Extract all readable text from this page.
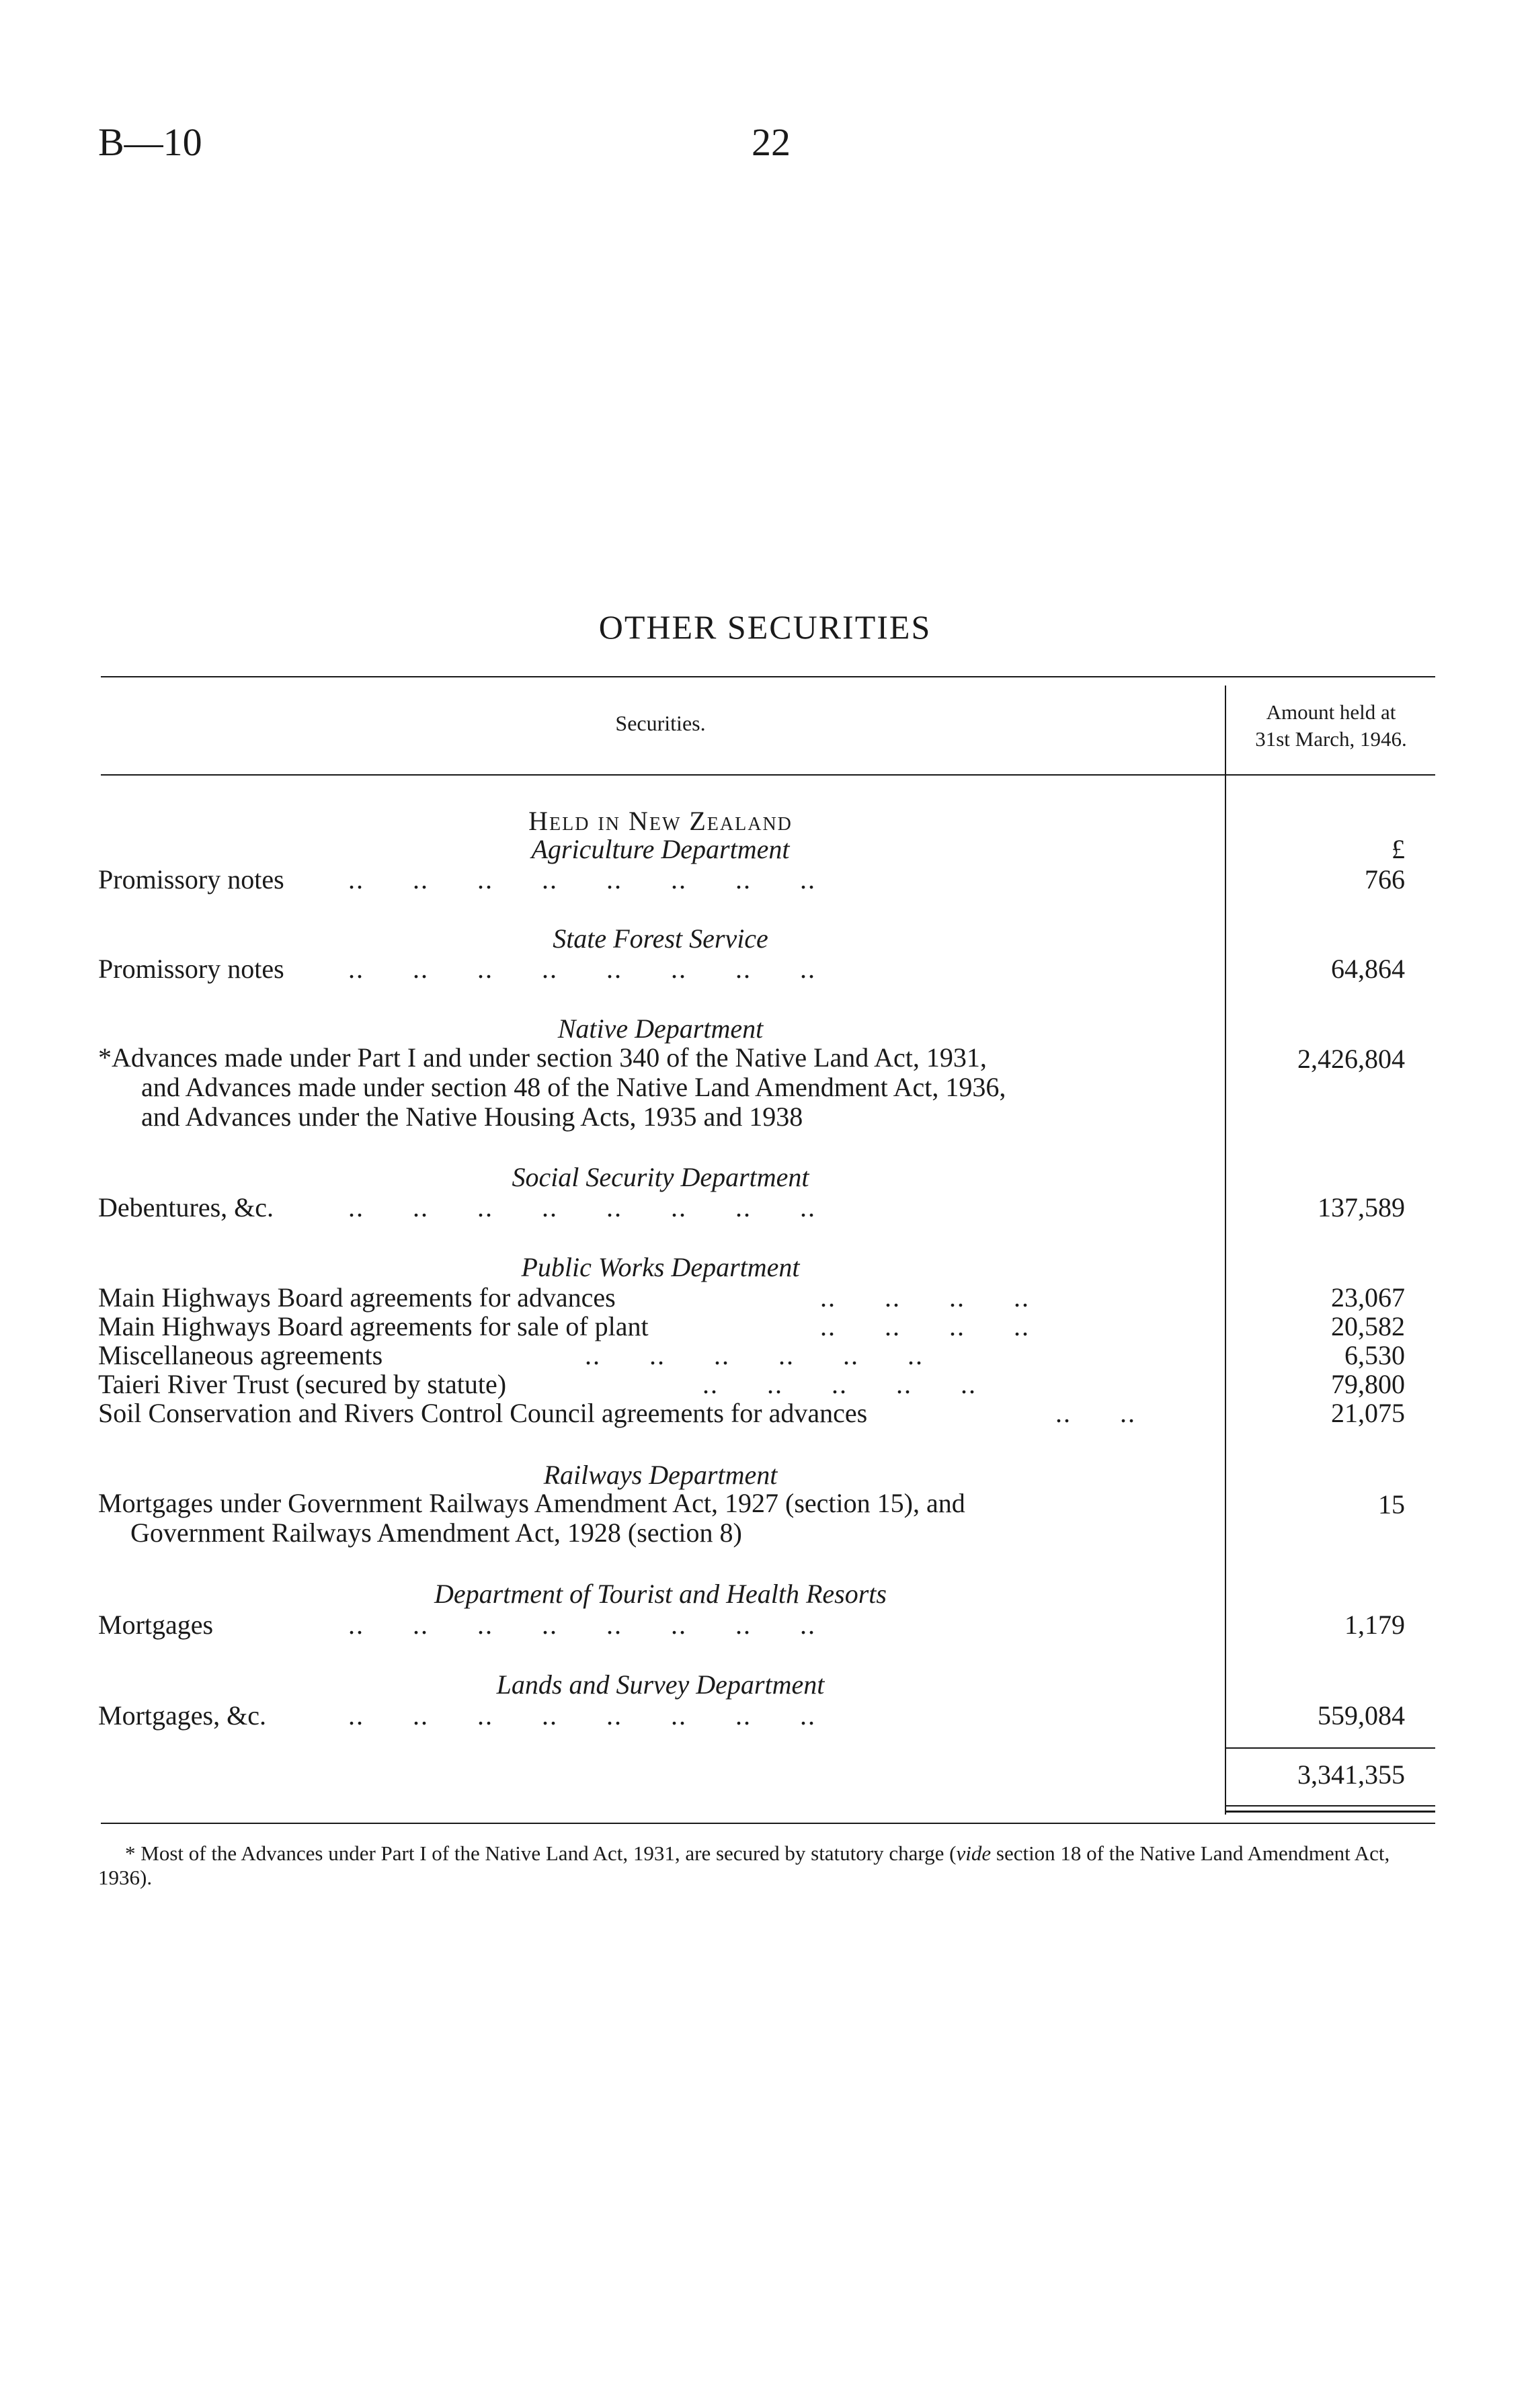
B—10	22
OTHER SECURITIES
Securities.	Amount held at
31st March, 1946.
Held in New Zealand
Agriculture Department	£
Promissory notes	..      ..      ..      ..      ..      ..      ..      ..	766
State Forest Service
Promissory notes	..      ..      ..      ..      ..      ..      ..      ..	64,864
Native Department
*Advances made under Part I and under section 340 of the Native Land Act, 1931,
and Advances made under section 48 of the Native Land Amendment Act, 1936,
and Advances under the Native Housing Acts, 1935 and 1938
2,426,804
Social Security Department
Debentures, &c.	..      ..      ..      ..      ..      ..      ..      ..	137,589
Public Works Department
Main Highways Board agreements for advances	..      ..      ..      ..	23,067
Main Highways Board agreements for sale of plant	..      ..      ..      ..	20,582
Miscellaneous agreements	..      ..      ..      ..      ..      ..	6,530
Taieri River Trust (secured by statute)	..      ..      ..      ..      ..	79,800
Soil Conservation and Rivers Control Council agreements for advances	..      ..	21,075
Railways Department
Mortgages under Government Railways Amendment Act, 1927 (section 15), and
Government Railways Amendment Act, 1928 (section 8)
15
Department of Tourist and Health Resorts
Mortgages	..      ..      ..      ..      ..      ..      ..      ..	1,179
Lands and Survey Department
Mortgages, &c.	..      ..      ..      ..      ..      ..      ..      ..	559,084
3,341,355
* Most of the Advances under Part I of the Native Land Act, 1931, are secured by statutory charge (vide section 18 of the Native Land Amendment Act, 1936).
